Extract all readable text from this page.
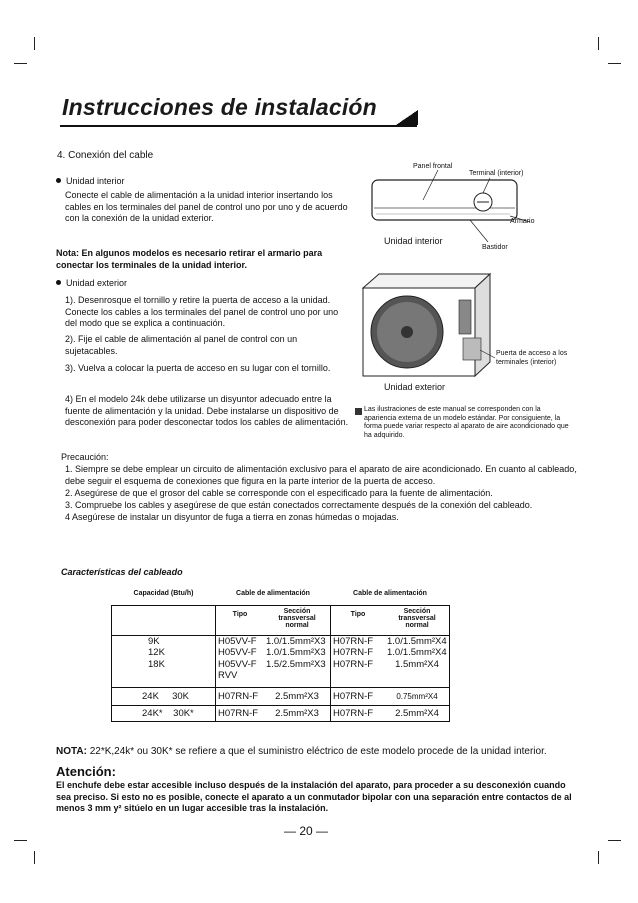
Instrucciones de instalación
4. Conexión del cable
Unidad interior
Conecte el cable de alimentación a la unidad interior insertando los cables en los terminales del panel de control uno por uno y de acuerdo con la conexión de la unidad exterior.
Nota: En algunos modelos es necesario retirar el armario para conectar los terminales de la unidad interior.
Unidad exterior
1). Desenrosque el tornillo y retire la puerta de acceso a la unidad. Conecte los cables a los terminales del panel de control uno por uno del modo que se explica a continuación.
2). Fije el cable de alimentación al panel de control con un sujetacables.
3). Vuelva a colocar la puerta de acceso en su lugar con el tornillo.
4) En el modelo 24k debe utilizarse un disyuntor adecuado entre la fuente de alimentación y la unidad. Debe instalarse un dispositivo de desconexión para poder desconectar todos los cables de alimentación.
Panel frontal
Terminal (interior)
Armario
Bastidor
Unidad interior
Puerta de acceso a los terminales (interior)
Unidad exterior
Las ilustraciones de este manual se corresponden con la apariencia externa de un modelo estándar. Por consiguiente, la forma puede variar respecto al aparato de aire acondicionado que ha adquirido.
Precaución:
1. Siempre se debe emplear un circuito de alimentación exclusivo para el aparato de aire acondicionado. En cuanto al cableado, debe seguir el esquema de conexiones que figura en la parte interior de la puerta de acceso.
2. Asegúrese de que el grosor del cable se corresponde con el especificado para la fuente de alimentación.
3. Compruebe los cables y asegúrese de que están conectados correctamente después de la conexión del cableado.
4 Asegúrese de instalar un disyuntor de fuga a tierra en zonas húmedas o mojadas.
Características del cableado
Capacidad (Btu/h)	Cable de alimentación		Cable de alimentación	
	Tipo	Sección transversal normal	Tipo	Sección transversal normal
9K	H05VV-F	1.0/1.5mm²X3	H07RN-F	1.0/1.5mm²X4
12K	H05VV-F	1.0/1.5mm²X3	H07RN-F	1.0/1.5mm²X4
18K	H05VV-F RVV	1.5/2.5mm²X3	H07RN-F	1.5mm²X4
24K     30K	H07RN-F	2.5mm²X3	H07RN-F	0.75mm²X4
24K*    30K*	H07RN-F	2.5mm²X3	H07RN-F	2.5mm²X4
NOTA: 22*K,24k* ou 30K* se refiere a que el suministro eléctrico de este modelo procede de la unidad interior.
Atención:
El enchufe debe estar accesible incluso después de la instalación del aparato, para proceder a su desconexión cuando sea preciso. Si esto no es posible, conecte el aparato a un conmutador bipolar con una separación entre contactos de al menos 3 mm y² sitúelo en un lugar accesible tras la instalación.
— 20 —
